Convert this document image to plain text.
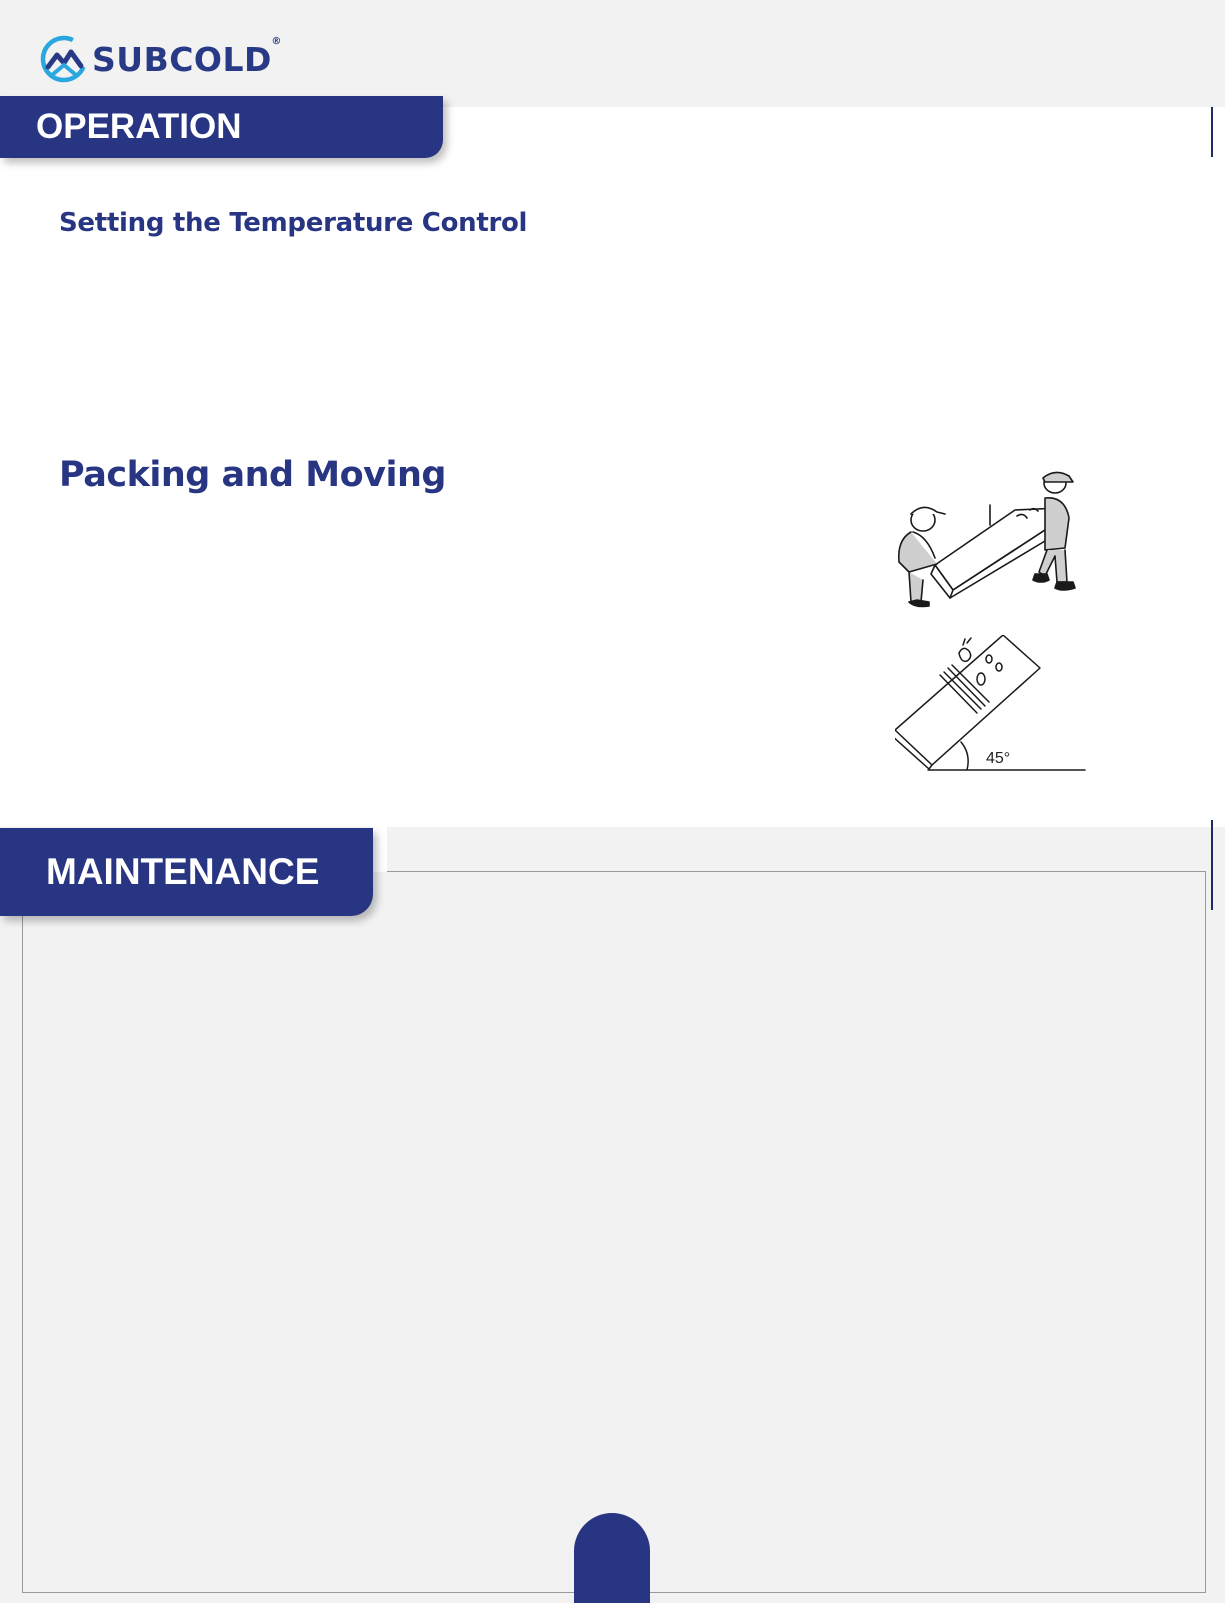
SUBCOLD ®
OPERATION
Setting the Temperature Control
Packing and Moving
45°
MAINTENANCE
